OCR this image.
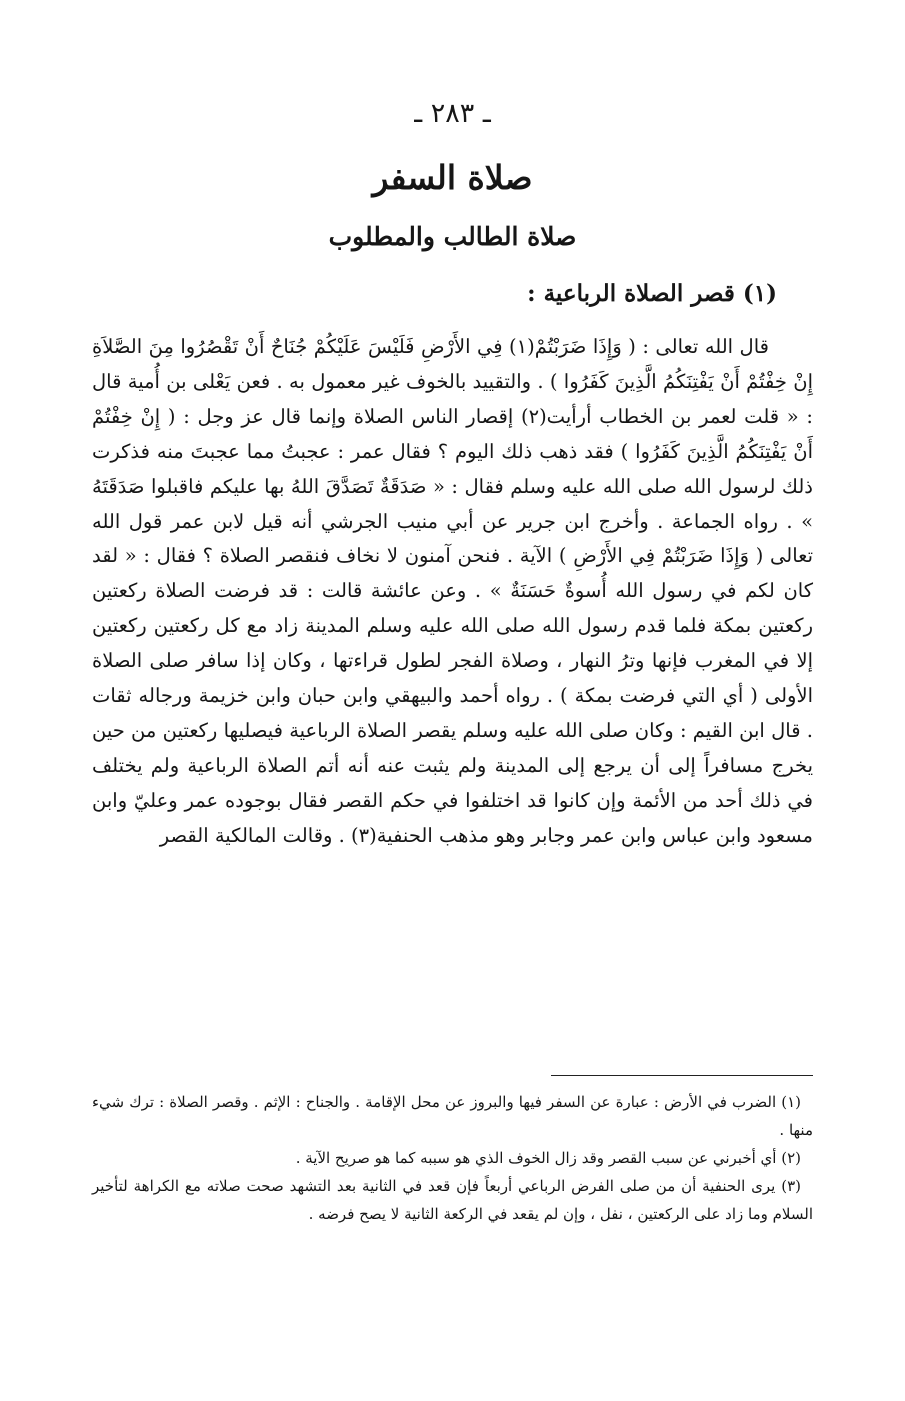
ـ ٢٨٣ ـ
صلاة السفر
صلاة الطالب والمطلوب
(١) قصر الصلاة الرباعية :

قال الله تعالى : ( وَإِذَا ضَرَبْتُمْ(١) فِي الأَرْضِ فَلَيْسَ عَلَيْكُمْ جُنَاحٌ أَنْ تَقْصُرُوا مِنَ الصَّلاَةِ إِنْ خِفْتُمْ أَنْ يَفْتِنَكُمُ الَّذِينَ كَفَرُوا ) . والتقييد بالخوف غير معمول به . فعن يَعْلى بن أُمية قال : « قلت لعمر بن الخطاب أرأيت(٢) إقصار الناس الصلاة وإنما قال عز وجل : ( إِنْ خِفْتُمْ أَنْ يَفْتِنَكُمُ الَّذِينَ كَفَرُوا ) فقد ذهب ذلك اليوم ؟ فقال عمر : عجبتُ مما عجبتَ منه فذكرت ذلك لرسول الله صلى الله عليه وسلم فقال : « صَدَقَةٌ تَصَدَّقَ اللهُ بها عليكم فاقبلوا صَدَقَتَهُ » . رواه الجماعة . وأخرج ابن جرير عن أبي منيب الجرشي أنه قيل لابن عمر قول الله تعالى ( وَإِذَا ضَرَبْتُمْ فِي الأَرْضِ ) الآية . فنحن آمنون لا نخاف فنقصر الصلاة ؟ فقال : « لقد كان لكم في رسول الله أُسوةٌ حَسَنَةٌ » . وعن عائشة قالت : قد فرضت الصلاة ركعتين ركعتين بمكة فلما قدم رسول الله صلى الله عليه وسلم المدينة زاد مع كل ركعتين ركعتين إلا في المغرب فإنها وترُ النهار ، وصلاة الفجر لطول قراءتها ، وكان إذا سافر صلى الصلاة الأولى ( أي التي فرضت بمكة ) . رواه أحمد والبيهقي وابن حبان وابن خزيمة ورجاله ثقات . قال ابن القيم : وكان صلى الله عليه وسلم يقصر الصلاة الرباعية فيصليها ركعتين من حين يخرج مسافراً إلى أن يرجع إلى المدينة ولم يثبت عنه أنه أتم الصلاة الرباعية ولم يختلف في ذلك أحد من الأئمة وإن كانوا قد اختلفوا في حكم القصر فقال بوجوده عمر وعليّ وابن مسعود وابن عباس وابن عمر وجابر وهو مذهب الحنفية(٣) . وقالت المالكية القصر

(١) الضرب في الأرض : عبارة عن السفر فيها والبروز عن محل الإقامة . والجناح : الإثم . وقصر الصلاة : ترك شيء منها .

(٢) أي أخبرني عن سبب القصر وقد زال الخوف الذي هو سببه كما هو صريح الآية .

(٣) يرى الحنفية أن من صلى الفرض الرباعي أربعاً فإن قعد في الثانية بعد التشهد صحت صلاته مع الكراهة لتأخير السلام وما زاد على الركعتين ، نفل ، وإن لم يقعد في الركعة الثانية لا يصح فرضه .
